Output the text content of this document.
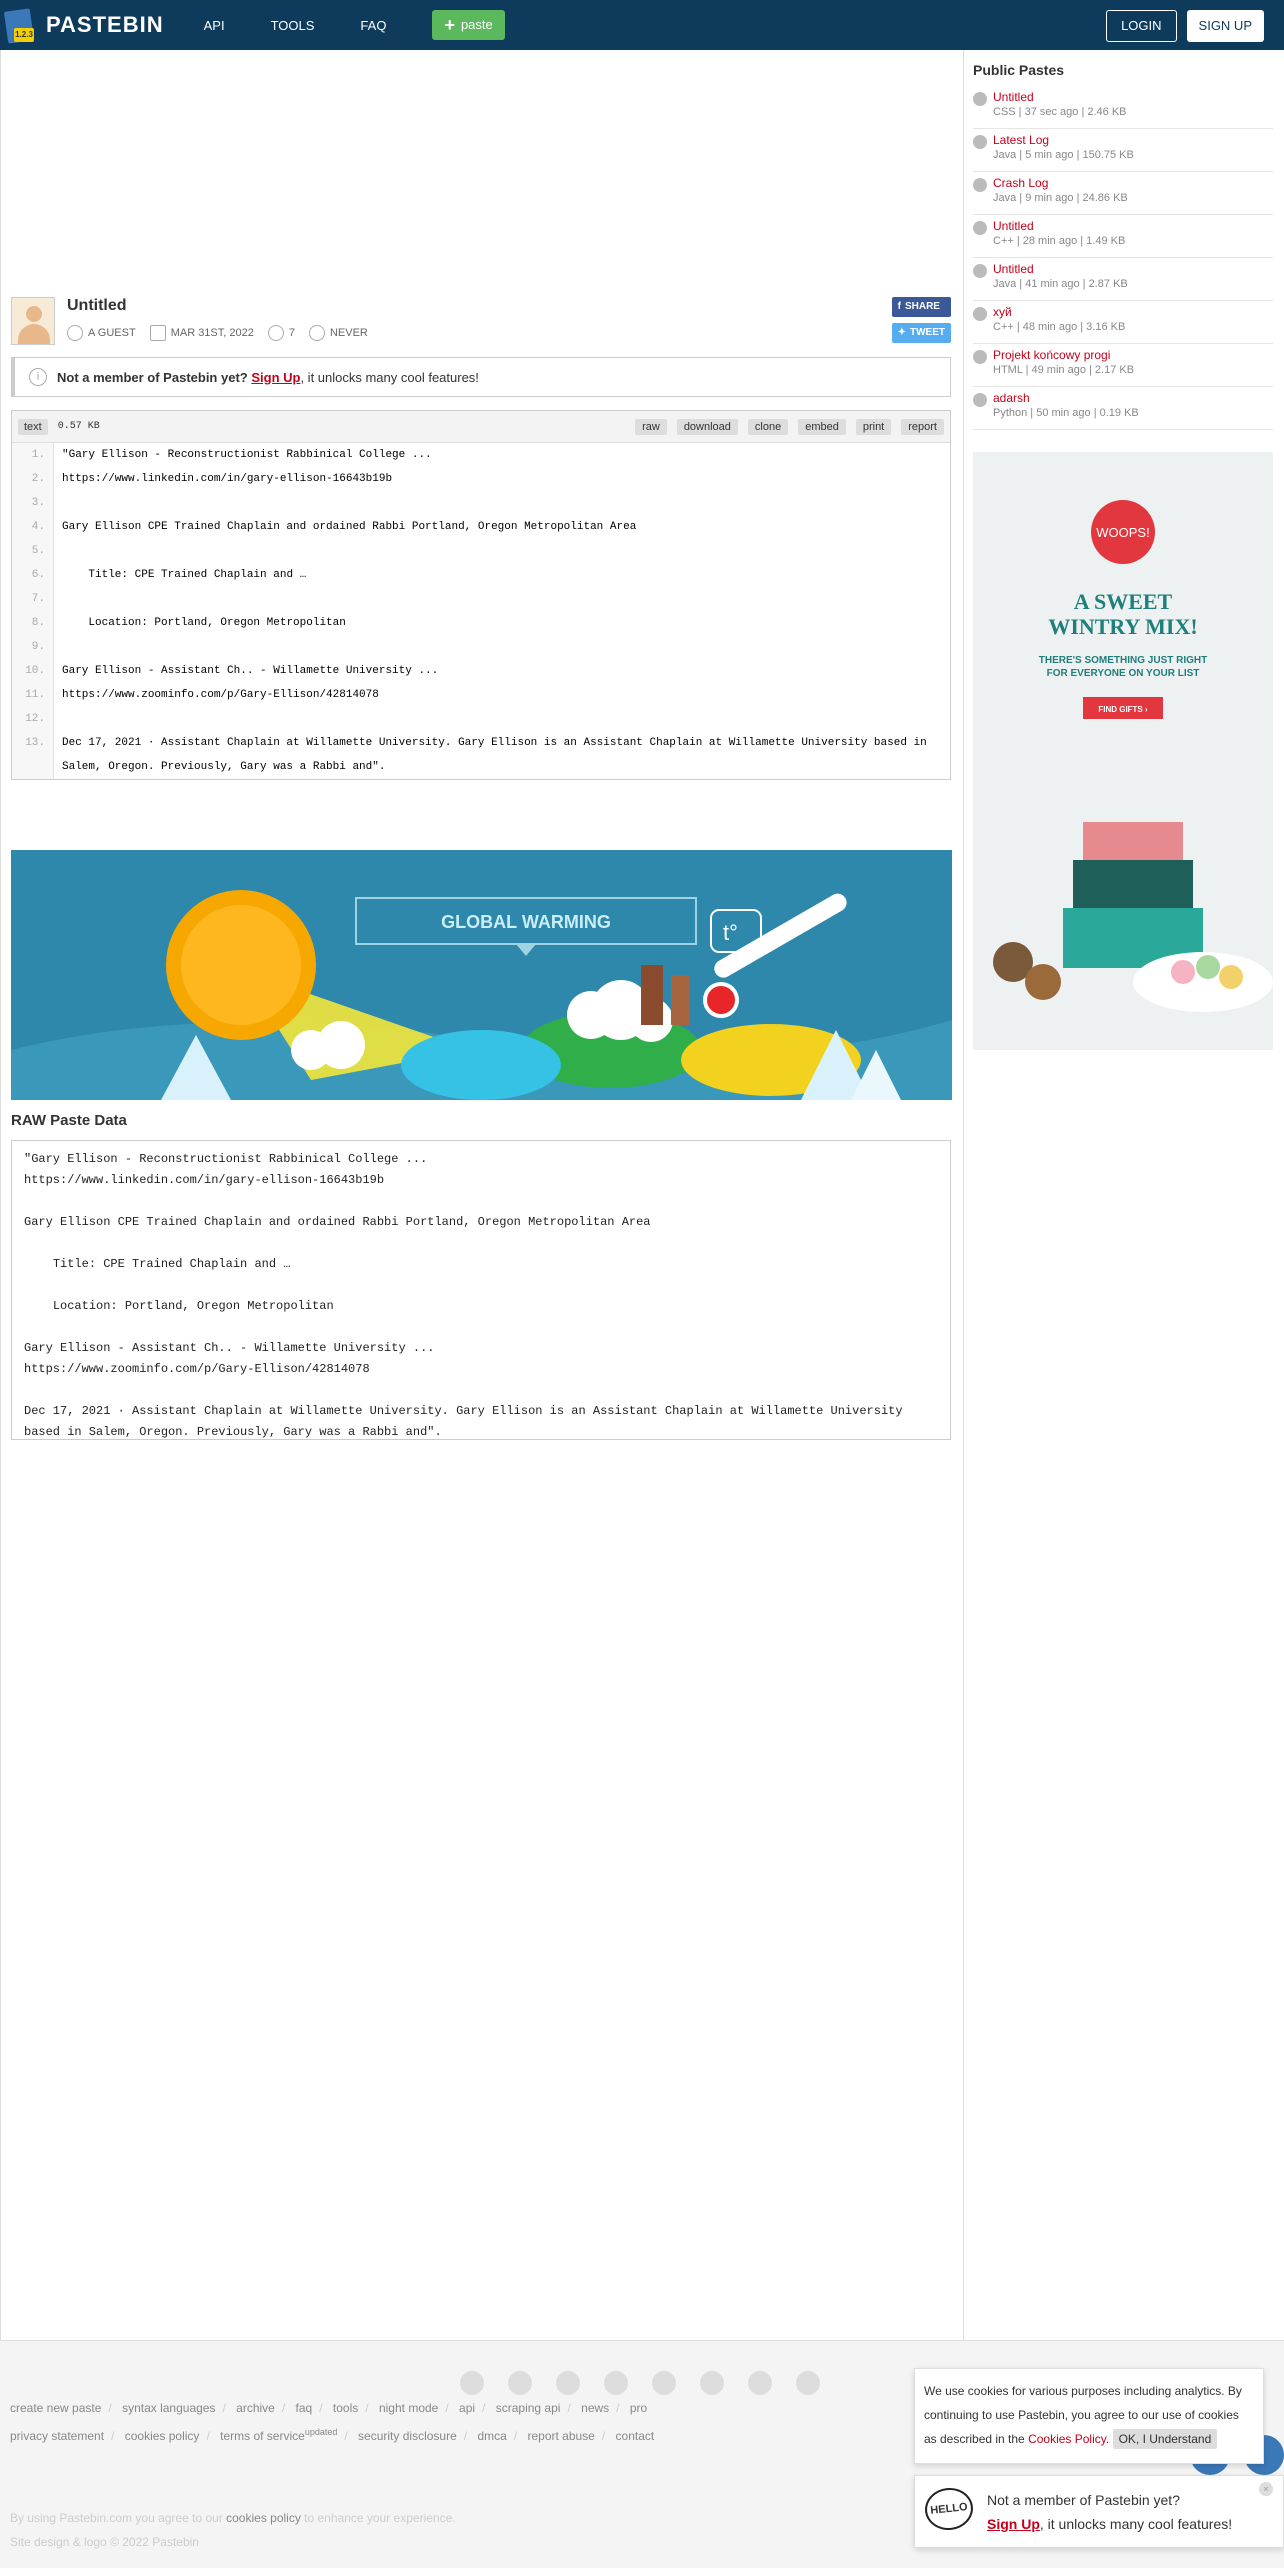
1.2.3 PASTEBIN	API	TOOLS	FAQ	+ paste	LOGIN	SIGN UP
Untitled
A GUEST	MAR 31ST, 2022	7	NEVER
f SHARE
✦ TWEET
i	Not a member of Pastebin yet?
Sign Up , it unlocks many cool features!
text	0.57 KB	raw	download	clone	embed	print	report
1.	"Gary Ellison - Reconstructionist Rabbinical College ...
2.	https://www.linkedin.com/in/gary-ellison-16643b19b
3.
4.	Gary Ellison CPE Trained Chaplain and ordained Rabbi Portland, Oregon Metropolitan Area
5.
6.	Title: CPE Trained Chaplain and …
7.
8.	Location: Portland, Oregon Metropolitan
9.
10.	Gary Ellison - Assistant Ch.. - Willamette University ...
11.	https://www.zoominfo.com/p/Gary-Ellison/42814078
12.
13.	Dec 17, 2021 · Assistant Chaplain at Willamette University. Gary Ellison is an Assistant Chaplain at Willamette University based in Salem, Oregon. Previously, Gary was a Rabbi and".
GLOBAL WARMING	t°
RAW Paste Data
"Gary Ellison - Reconstructionist Rabbinical College ...
https://www.linkedin.com/in/gary-ellison-16643b19b

Gary Ellison CPE Trained Chaplain and ordained Rabbi Portland, Oregon Metropolitan Area

Title: CPE Trained Chaplain and …

Location: Portland, Oregon Metropolitan

Gary Ellison - Assistant Ch.. - Willamette University ...
https://www.zoominfo.com/p/Gary-Ellison/42814078

Dec 17, 2021 · Assistant Chaplain at Willamette University. Gary Ellison is an Assistant Chaplain at Willamette University based in Salem, Oregon. Previously, Gary was a Rabbi and".
Public Pastes
Untitled
CSS | 37 sec ago | 2.46 KB
Latest Log
Java | 5 min ago | 150.75 KB
Crash Log
Java | 9 min ago | 24.86 KB
Untitled
C++ | 28 min ago | 1.49 KB
Untitled
Java | 41 min ago | 2.87 KB
хуй
C++ | 48 min ago | 3.16 KB
Projekt końcowy progi
HTML | 49 min ago | 2.17 KB
adarsh
Python | 50 min ago | 0.19 KB
WOOPS!
A SWEET
WINTRY MIX!
THERE'S SOMETHING JUST RIGHT
FOR EVERYONE ON YOUR LIST
FIND GIFTS ›
create new paste / syntax languages / archive / faq / tools / night mode / api / scraping api / news / pro
privacy statement / cookies policy / terms of service$^{updated}$ / security disclosure / dmca / report abuse / contact
By using Pastebin.com you agree to our cookies policy to enhance your experience.
Site design & logo © 2022 Pastebin
We use cookies for various purposes including analytics. By continuing to use Pastebin, you agree to our use of cookies as described in the Cookies Policy. OK, I Understand
HELLO
Not a member of Pastebin yet?
Sign Up, it unlocks many cool features!
×
